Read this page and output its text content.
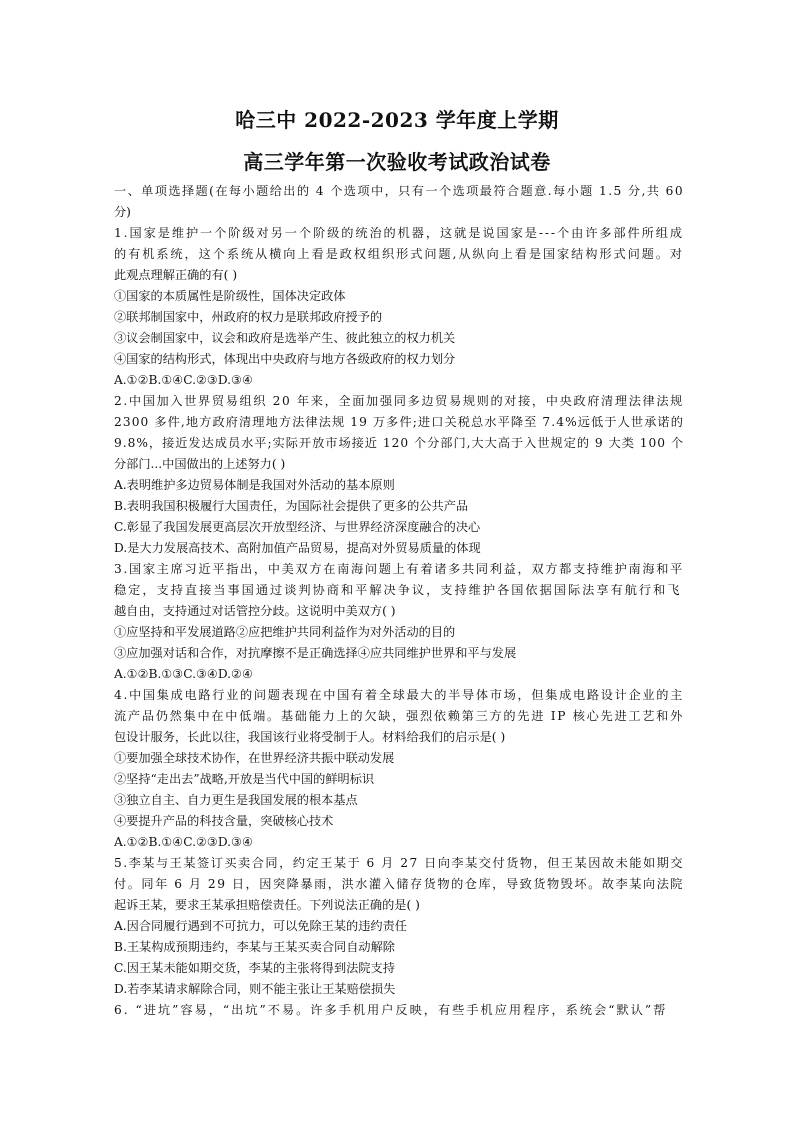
哈三中 2022-2023 学年度上学期
高三学年第一次验收考试政治试卷
一、单项选择题(在每小题给出的 4 个选项中，只有一个选项最符合题意.每小题 1.5 分,共 60
分)
1.国家是维护一个阶级对另一个阶级的统治的机器，这就是说国家是---个由许多部件所组成
的有机系统，这个系统从横向上看是政权组织形式问题,从纵向上看是国家结构形式问题。对
此观点理解正确的有( )
①国家的本质属性是阶级性，国体决定政体
②联邦制国家中，州政府的权力是联邦政府授予的
③议会制国家中，议会和政府是选举产生、彼此独立的权力机关
④国家的结构形式，体现出中央政府与地方各级政府的权力划分
A.①②B.①④C.②③D.③④
2.中国加入世界贸易组织 20 年来，全面加强同多边贸易规则的对接，中央政府清理法律法规
2300 多件,地方政府清理地方法律法规 19 万多件;进口关税总水平降至 7.4%远低于人世承诺的
9.8%，接近发达成员水平;实际开放市场接近 120 个分部门,大大高于入世规定的 9 大类 100 个
分部门...中国做出的上述努力( )
A.表明维护多边贸易体制是我国对外活动的基本原则
B.表明我国积极履行大国责任，为国际社会提供了更多的公共产品
C.彰显了我国发展更高层次开放型经济、与世界经济深度融合的决心
D.是大力发展高技术、高附加值产品贸易，提高对外贸易质量的体现
3.国家主席习近平指出，中美双方在南海问题上有着诸多共同利益，双方都支持维护南海和平
稳定，支持直接当事国通过谈判协商和平解决争议，支持维护各国依据国际法享有航行和飞
越自由，支持通过对话管控分歧。这说明中美双方( )
①应坚持和平发展道路②应把维护共同利益作为对外活动的目的
③应加强对话和合作，对抗摩擦不是正确选择④应共同维护世界和平与发展
A.①②B.①③C.③④D.②④
4.中国集成电路行业的问题表现在中国有着全球最大的半导体市场，但集成电路设计企业的主
流产品仍然集中在中低端。基础能力上的欠缺，强烈依赖第三方的先进 IP 核心先进工艺和外
包设计服务，长此以往，我国该行业将受制于人。材料给我们的启示是( )
①要加强全球技术协作，在世界经济共振中联动发展
②坚持“走出去”战略,开放是当代中国的鲜明标识
③独立自主、自力更生是我国发展的根本基点
④要提升产品的科技含量，突破核心技术
A.①②B.①④C.②③D.③④
5.李某与王某签订买卖合同，约定王某于 6 月 27 日向李某交付货物，但王某因故未能如期交
付。同年 6 月 29 日，因突降暴雨，洪水灌入储存货物的仓库，导致货物毁坏。故李某向法院
起诉王某，要求王某承担赔偿责任。下列说法正确的是( )
A.因合同履行遇到不可抗力，可以免除王某的违约责任
B.王某构成预期违约，李某与王某买卖合同自动解除
C.因王某未能如期交货，李某的主张将得到法院支持
D.若李某请求解除合同，则不能主张让王某赔偿损失
6. “进坑”容易，“出坑”不易。许多手机用户反映，有些手机应用程序，系统会“默认”帮
